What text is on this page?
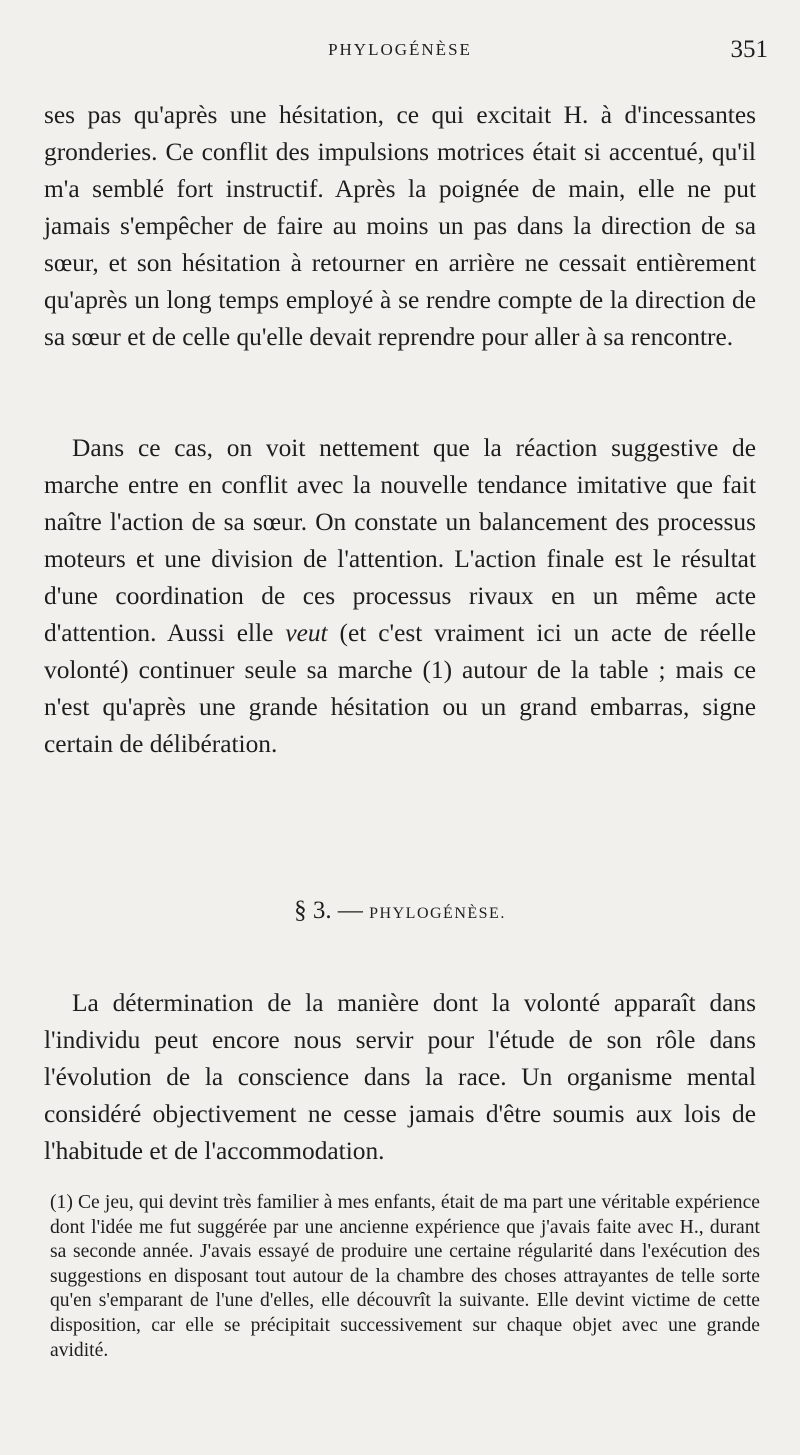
PHYLOGÉNÈSE	351

ses pas qu'après une hésitation, ce qui excitait H. à d'incessantes gronderies. Ce conflit des impulsions motrices était si accentué, qu'il m'a semblé fort instructif. Après la poignée de main, elle ne put jamais s'empêcher de faire au moins un pas dans la direction de sa sœur, et son hésitation à retourner en arrière ne cessait entièrement qu'après un long temps employé à se rendre compte de la direction de sa sœur et de celle qu'elle devait reprendre pour aller à sa rencontre.

Dans ce cas, on voit nettement que la réaction suggestive de marche entre en conflit avec la nouvelle tendance imitative que fait naître l'action de sa sœur. On constate un balancement des processus moteurs et une division de l'attention. L'action finale est le résultat d'une coordination de ces processus rivaux en un même acte d'attention. Aussi elle veut (et c'est vraiment ici un acte de réelle volonté) continuer seule sa marche (1) autour de la table ; mais ce n'est qu'après une grande hésitation ou un grand embarras, signe certain de délibération.

§ 3. — PHYLOGÉNÈSE.

La détermination de la manière dont la volonté apparaît dans l'individu peut encore nous servir pour l'étude de son rôle dans l'évolution de la conscience dans la race. Un organisme mental considéré objectivement ne cesse jamais d'être soumis aux lois de l'habitude et de l'accommodation.

(1) Ce jeu, qui devint très familier à mes enfants, était de ma part une véritable expérience dont l'idée me fut suggérée par une ancienne expérience que j'avais faite avec H., durant sa seconde année. J'avais essayé de produire une certaine régularité dans l'exécution des suggestions en disposant tout autour de la chambre des choses attrayantes de telle sorte qu'en s'emparant de l'une d'elles, elle découvrît la suivante. Elle devint victime de cette disposition, car elle se précipitait successivement sur chaque objet avec une grande avidité.
